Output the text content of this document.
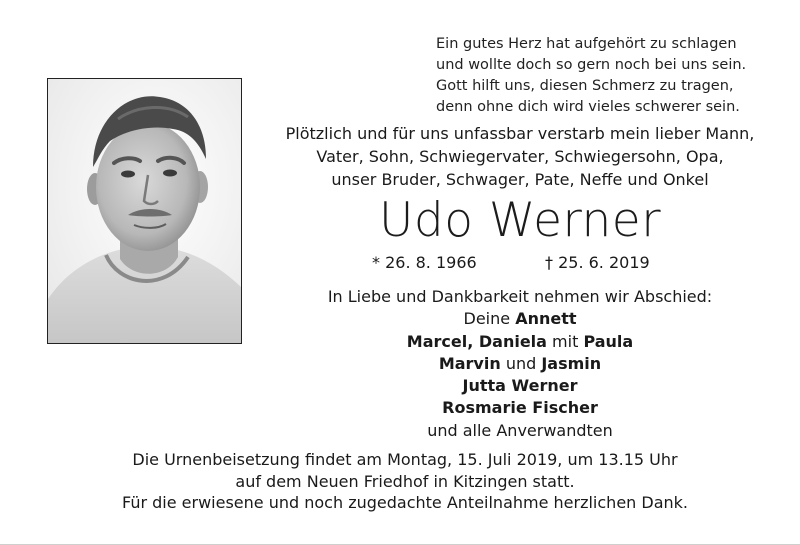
Ein gutes Herz hat aufgehört zu schlagen
und wollte doch so gern noch bei uns sein.
Gott hilft uns, diesen Schmerz zu tragen,
denn ohne dich wird vieles schwerer sein.
Plötzlich und für uns unfassbar verstarb mein lieber Mann,
Vater, Sohn, Schwiegervater, Schwiegersohn, Opa,
unser Bruder, Schwager, Pate, Neffe und Onkel
Udo Werner
* 26. 8. 1966	† 25. 6. 2019
In Liebe und Dankbarkeit nehmen wir Abschied:
Deine Annett
Marcel, Daniela mit Paula
Marvin und Jasmin
Jutta Werner
Rosmarie Fischer
und alle Anverwandten
Die Urnenbeisetzung findet am Montag, 15. Juli 2019, um 13.15 Uhr
auf dem Neuen Friedhof in Kitzingen statt.
Für die erwiesene und noch zugedachte Anteilnahme herzlichen Dank.
